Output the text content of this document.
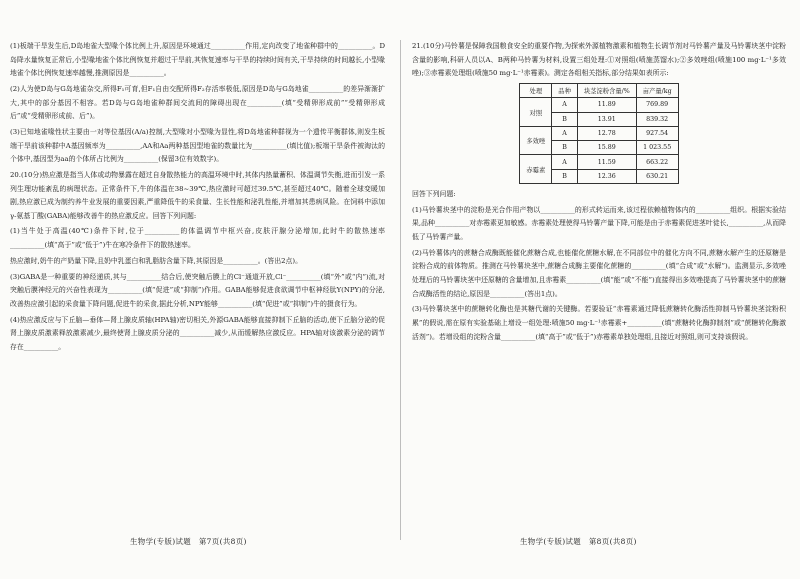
(1)板端干旱发生后,D岛地雀大型喙个体比例上升,原因是环境通过__________作用,定向改变了地雀种群中的__________。D岛降水量恢复正常后,小型喙地雀个体比例恢复并超过干旱前,其恢复速率与干旱的持续时间有关,干旱持续的时间越长,小型喙地雀个体比例恢复速率越慢,推测原因是__________。

(2)人为使D岛与G岛地雀杂交,所得F₁可育,但F₁自由交配所得F₂存活率极低,原因是D岛与G岛地雀__________的差异渐渐扩大,其中的部分基因不相容。若D岛与G岛地雀种群间交流间的障碍出现在__________(填“受精卵形成前”“受精卵形成后”或“受精卵形成前、后”)。

(3)已知地雀喙性状主要由一对等位基因(A/a)控制,大型喙对小型喙为显性,将D岛地雀种群视为一个遗传平衡群体,则发生板端干旱前该种群中A基因频率为__________,AA和Aa两种基因型地雀的数量比为__________(填比值);板端干旱条件被淘汰的个体中,基因型为aa的个体所占比例为__________(保留3位有效数字)。

20.(10分)热应激是指当人体或动物暴露在超过自身散热能力的高温环境中时,其体内热量蓄积、体温调节失衡,进而引发一系列生理功能紊乱的病理状态。正常条件下,牛的体温在38~39℃,热应激时可超过39.5℃,甚至超过40℃。随着全球变暖加剧,热应激已成为制约养牛业发展的重要因素,严重降低牛的采食量、生长性能和泌乳性能,并增加其患病风险。在饲料中添加γ-氨基丁酸(GABA)能够改善牛的热应激反应。回答下列问题:

(1)当牛处于高温(40℃)条件下时,位于__________的体温调节中枢兴奋,皮肤汗腺分泌增加,此时牛的散热速率__________(填“高于”或“低于”)牛在寒冷条件下的散热速率。

热应激时,奶牛的产奶量下降,且奶中乳蛋白和乳脂肪含量下降,其原因是__________。(答出2点)。

(3)GABA是一种重要的神经递质,其与__________结合后,使突触后膜上的Cl⁻通道开放,Cl⁻__________(填“外”或“内”)流,对突触后膜神经元的兴奋性表现为__________(填“促进”或“抑制”)作用。GABA能够促进食欲调节中枢神经肽Y(NPY)的分泌,改善热应激引起的采食量下降问题,促进牛的采食,据此分析,NPY能够__________(填“促进”或“抑制”)牛的摄食行为。

(4)热应激反应与下丘脑—垂体—肾上腺皮质轴(HPA轴)密切相关,外源GABA能够直接抑制下丘脑的活动,使下丘脑分泌的促肾上腺皮质激素释放激素减少,最终使肾上腺皮质分泌的__________减少,从而缓解热应激反应。HPA轴对该激素分泌的调节存在__________。

21.(10分)马铃薯是保障我国粮食安全的重要作物,为探索外源植物激素和植物生长调节剂对马铃薯产量及马铃薯块茎中淀粉含量的影响,科研人员以A、B两种马铃薯为材料,设置三组处理:①对照组(喷施蒸馏水);②多效唑组(喷施100 mg·L⁻¹多效唑);③赤霉素处理组(喷施50 mg·L⁻¹赤霉素)。测定各组相关指标,部分结果如表所示:

处理	品种	块茎淀粉含量/%	亩产量/kg
对照	A	11.89	769.89
	B	13.91	839.32
多效唑	A	12.78	927.54
	B	15.89	1 023.55
赤霉素	A	11.59	663.22
	B	12.36	630.21

回答下列问题:

(1)马铃薯块茎中的淀粉是光合作用产物以__________的形式转运而来,该过程依赖植物体内的__________组织。根据实验结果,品种__________对赤霉素更加敏感。赤霉素处理使得马铃薯产量下降,可能是由于赤霉素促进茎叶徒长,__________,从而降低了马铃薯产量。

(2)马铃薯体内的蔗糖合成酶既能催化蔗糖合成,也能催化蔗糖水解,在不同部位中的催化方向不同,蔗糖水解产生的还原糖是淀粉合成的前体物质。推测在马铃薯块茎中,蔗糖合成酶主要催化蔗糖的__________(填“合成”或“水解”)。监测显示,多效唑处理后的马铃薯块茎中还原糖的含量增加,且赤霉素__________(填“能”或“不能”)直接得出多效唑提高了马铃薯块茎中的蔗糖合成酶活性的结论,原因是__________(答出1点)。

(3)马铃薯块茎中的蔗糖转化酶也是其糖代谢的关键酶。若要验证“赤霉素通过降低蔗糖转化酶活性抑制马铃薯块茎淀粉积累”的假说,需在原有实验基础上增设一组处理:喷施50 mg·L⁻¹赤霉素+__________(填“蔗糖转化酶抑制剂”或“蔗糖转化酶激活剂”)。若增设组的淀粉含量__________(填“高于”或“低于”)赤霉素单独处理组,且接近对照组,则可支持该假说。

生物学(专版)试题　第7页(共8页)	生物学(专版)试题　第8页(共8页)
